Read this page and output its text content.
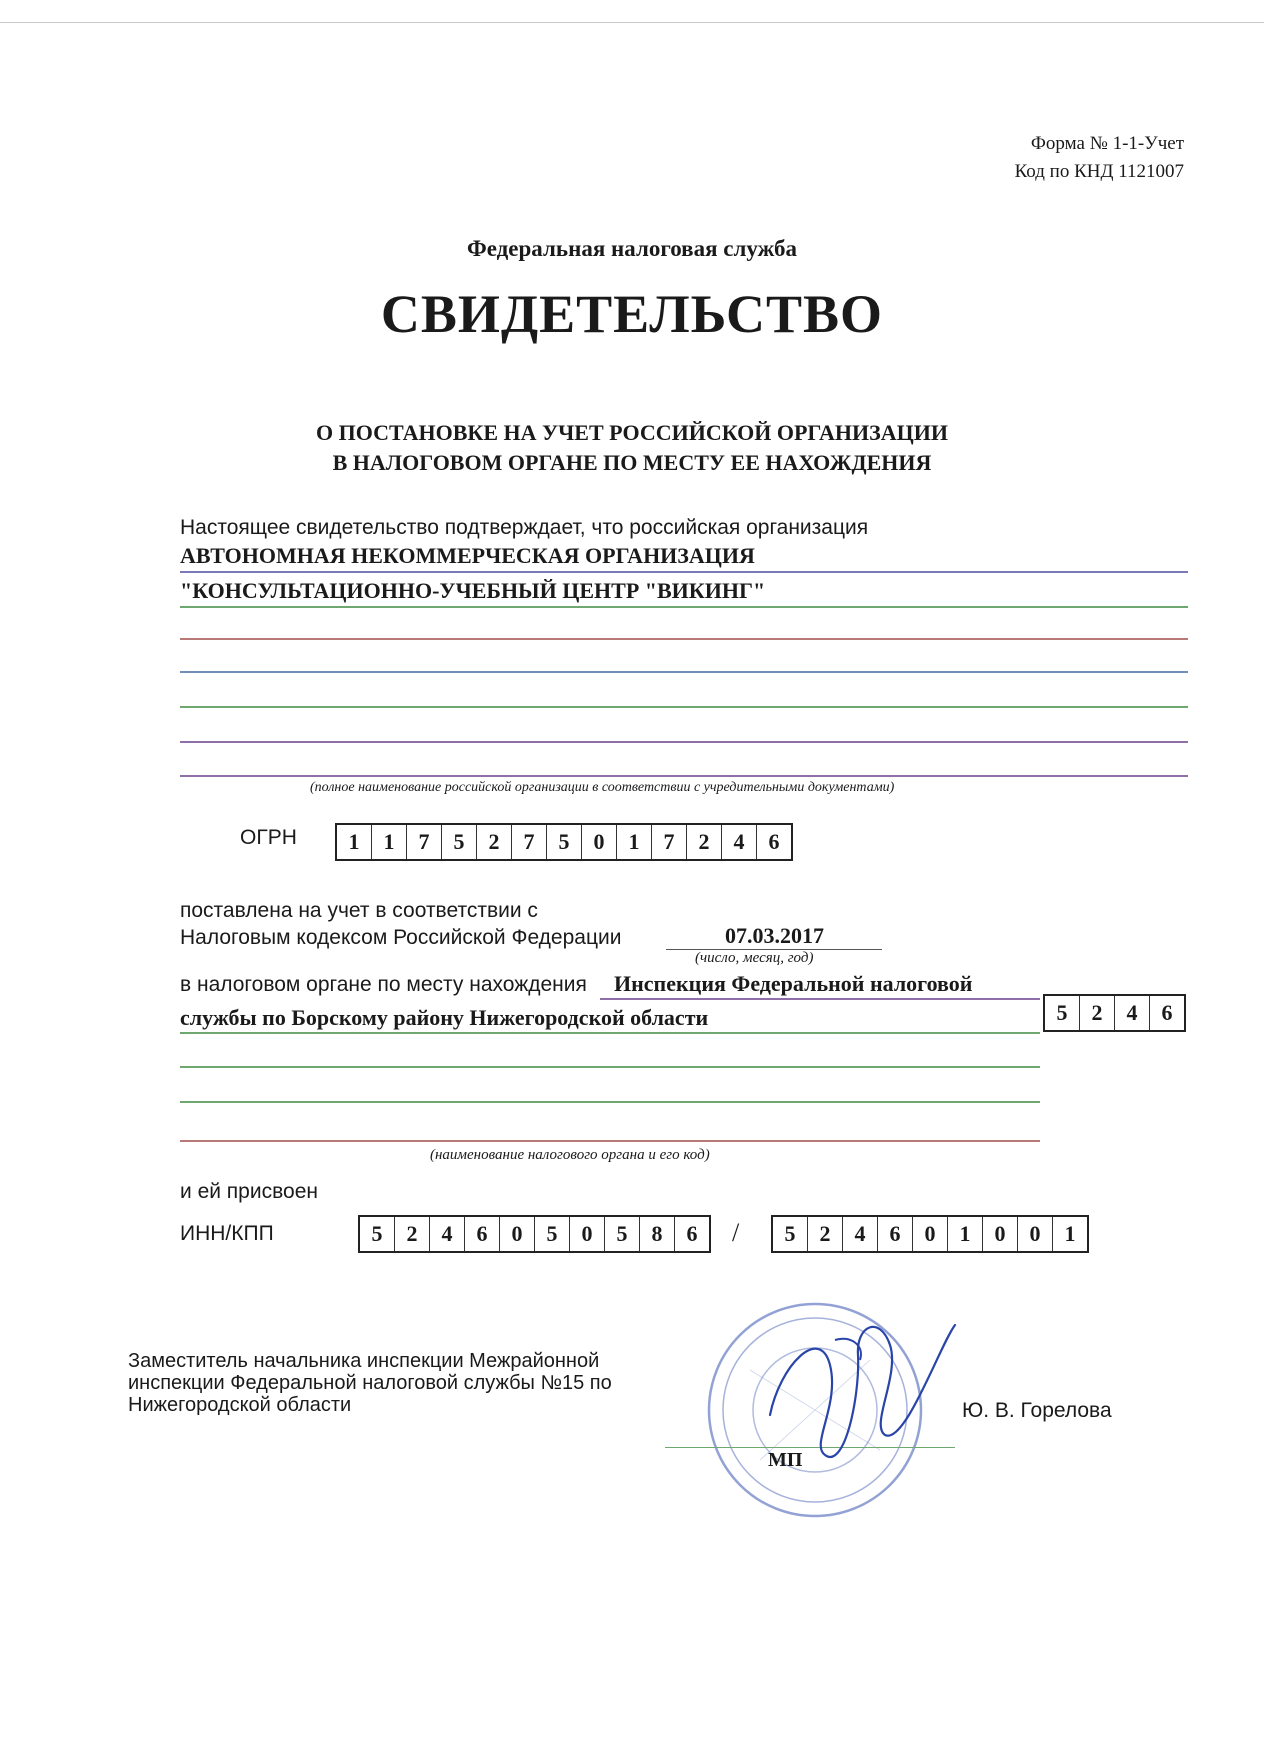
Форма № 1-1-Учет
Код по КНД 1121007
Федеральная налоговая служба
СВИДЕТЕЛЬСТВО
О ПОСТАНОВКЕ НА УЧЕТ РОССИЙСКОЙ ОРГАНИЗАЦИИ
В НАЛОГОВОМ ОРГАНЕ ПО МЕСТУ ЕЕ НАХОЖДЕНИЯ
Настоящее свидетельство подтверждает, что российская организация
АВТОНОМНАЯ НЕКОММЕРЧЕСКАЯ ОРГАНИЗАЦИЯ
"КОНСУЛЬТАЦИОННО-УЧЕБНЫЙ ЦЕНТР "ВИКИНГ"
(полное наименование российской организации в соответствии с учредительными документами)
ОГРН	1	1	7	5	2	7	5	0	1	7	2	4	6
поставлена на учет в соответствии с
Налоговым кодексом Российской Федерации	07.03.2017
(число, месяц, год)
в налоговом органе по месту нахождения Инспекция Федеральной налоговой
службы по Борскому району Нижегородской области	5	2	4	6
(наименование налогового органа и его код)
и ей присвоен
ИНН/КПП	5	2	4	6	0	5	0	5	8	6	/	5	2	4	6	0	1	0	0	1
Заместитель начальника инспекции Межрайонной
инспекции Федеральной налоговой службы №15 по
Нижегородской области
МП
Ю. В. Горелова
